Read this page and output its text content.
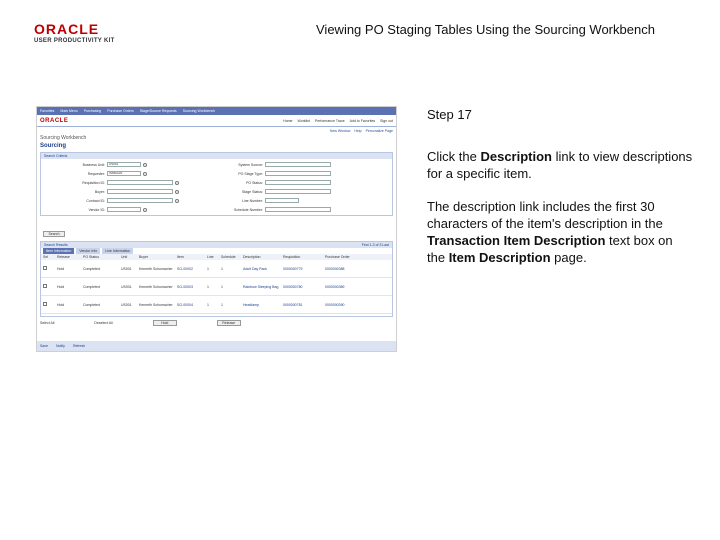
ORACLE
USER PRODUCTIVITY KIT
Viewing PO Staging Tables Using the Sourcing Workbench
Favorites Main Menu Purchasing Purchase Orders Stage/Source Requests Sourcing Workbench
ORACLE	Home Worklist Performance Trace Add to Favorites Sign out
New Window Help Personalize Page
Sourcing Workbench
Sourcing
Search Criteria
Business Unit:	US001
Requester:	ISNDAAN
Requisition ID:
Buyer:
Contract ID:
Vendor ID:
System Source:
PO Stage Type:
PO Status:
Stage Status:
Line Number:
Schedule Number:
Search
Search Results	First 1-3 of 3 Last
Item Information	Vendor Info	Line Information
Sel	Release	PO Status	Unit	Buyer	Item	Line	Schedule	Description	Requisition	Purchase Order
Hold	Completed	US001	Kenneth Schumacher	SG-00002	1	1	Adult Day Pack	0000000779	0000000388
Hold	Completed	US001	Kenneth Schumacher	SG-00003	1	1	Rainbow Sleeping Bag	0000000780	0000000389
Hold	Completed	US001	Kenneth Schumacher	SG-00004	1	1	Headlamp	0000000781	0000000390
Select All	Deselect All	Hold	Release
Save Notify Refresh
Step 17
Click the Description link to view descriptions for a specific item.
The description link includes the first 30 characters of the item's description in the Transaction Item Description text box on the Item Description page.
